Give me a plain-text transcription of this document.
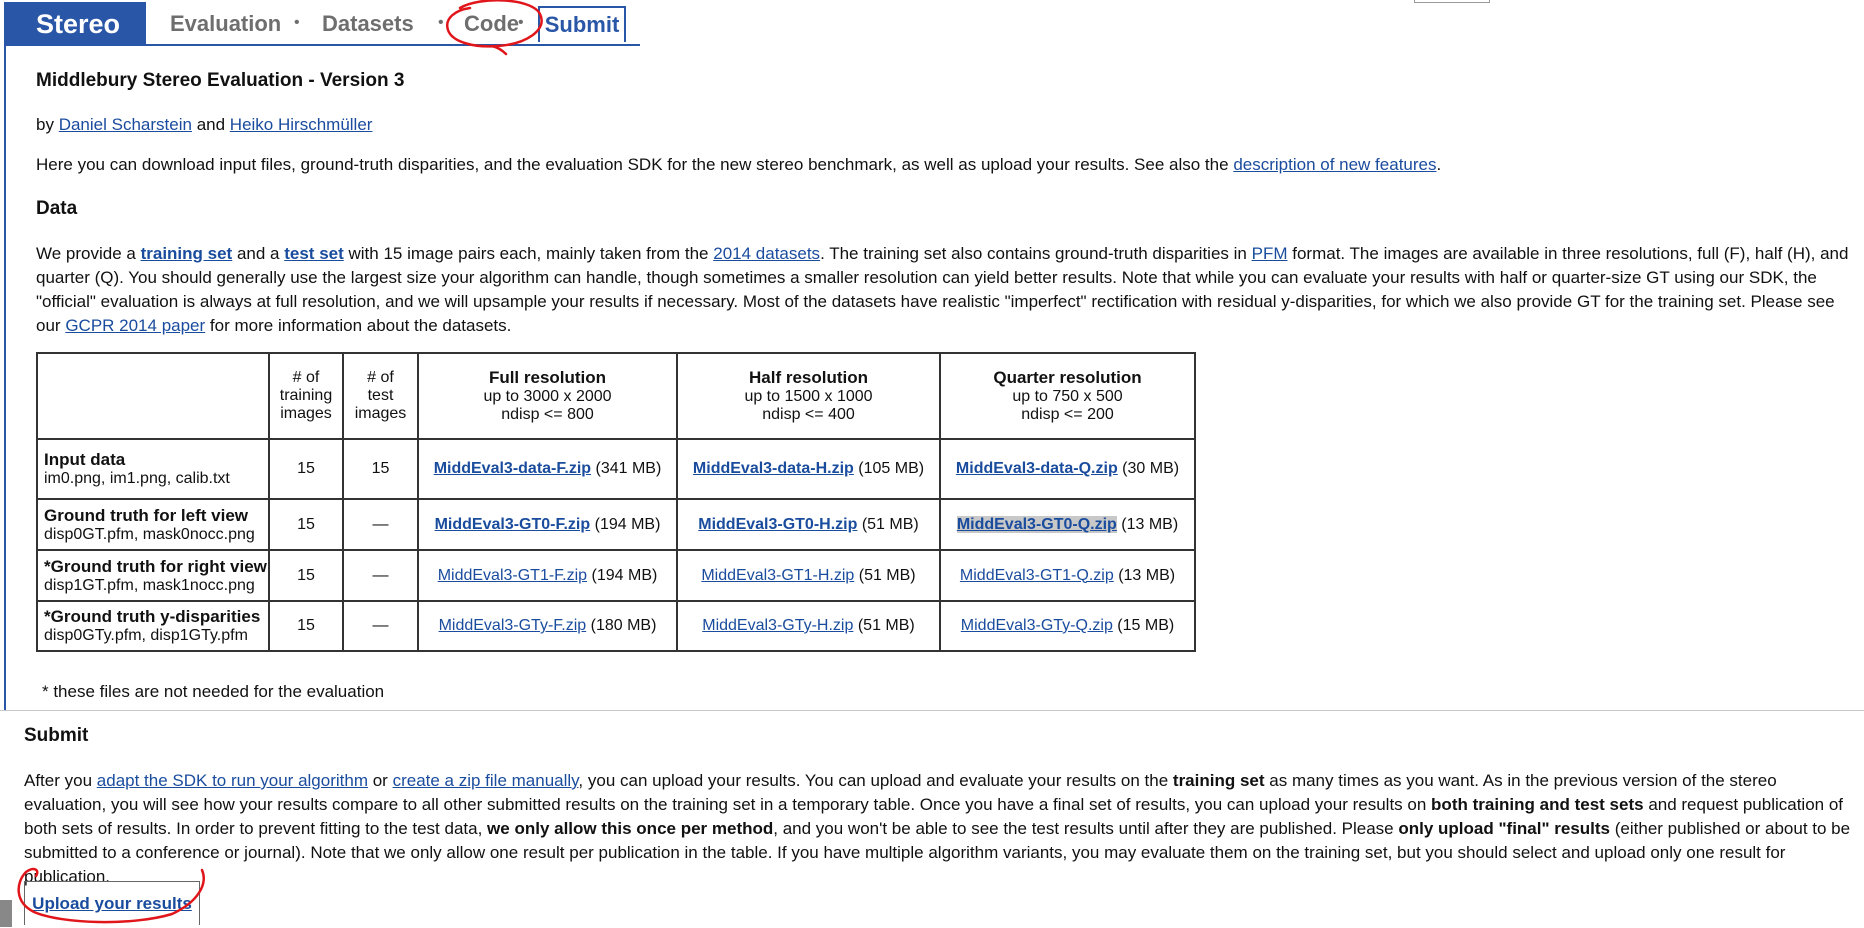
Stereo	Evaluation • Datasets • Code • Submit
Middlebury Stereo Evaluation - Version 3
by Daniel Scharstein and Heiko Hirschmüller
Here you can download input files, ground-truth disparities, and the evaluation SDK for the new stereo benchmark, as well as upload your results. See also the description of new features.
Data
We provide a training set and a test set with 15 image pairs each, mainly taken from the 2014 datasets. The training set also contains ground-truth disparities in PFM format. The images are available in three resolutions, full (F), half (H), and quarter (Q). You should generally use the largest size your algorithm can handle, though sometimes a smaller resolution can yield better results. Note that while you can evaluate your results with half or quarter-size GT using our SDK, the "official" evaluation is always at full resolution, and we will upsample your results if necessary. Most of the datasets have realistic "imperfect" rectification with residual y-disparities, for which we also provide GT for the training set. Please see our GCPR 2014 paper for more information about the datasets.
	# of
training
images	# of
test
images	Full resolution
up to 3000 x 2000
ndisp <= 800	Half resolution
up to 1500 x 1000
ndisp <= 400	Quarter resolution
up to 750 x 500
ndisp <= 200
Input data
im0.png, im1.png, calib.txt	15	15	MiddEval3-data-F.zip (341 MB)	MiddEval3-data-H.zip (105 MB)	MiddEval3-data-Q.zip (30 MB)
Ground truth for left view
disp0GT.pfm, mask0nocc.png	15	—	MiddEval3-GT0-F.zip (194 MB)	MiddEval3-GT0-H.zip (51 MB)	MiddEval3-GT0-Q.zip (13 MB)
*Ground truth for right view
disp1GT.pfm, mask1nocc.png	15	—	MiddEval3-GT1-F.zip (194 MB)	MiddEval3-GT1-H.zip (51 MB)	MiddEval3-GT1-Q.zip (13 MB)
*Ground truth y-disparities
disp0GTy.pfm, disp1GTy.pfm	15	—	MiddEval3-GTy-F.zip (180 MB)	MiddEval3-GTy-H.zip (51 MB)	MiddEval3-GTy-Q.zip (15 MB)
* these files are not needed for the evaluation
Submit
After you adapt the SDK to run your algorithm or create a zip file manually, you can upload your results. You can upload and evaluate your results on the training set as many times as you want. As in the previous version of the stereo evaluation, you will see how your results compare to all other submitted results on the training set in a temporary table. Once you have a final set of results, you can upload your results on both training and test sets and request publication of both sets of results. In order to prevent fitting to the test data, we only allow this once per method, and you won't be able to see the test results until after they are published. Please only upload "final" results (either published or about to be submitted to a conference or journal). Note that we only allow one result per publication in the table. If you have multiple algorithm variants, you may evaluate them on the training set, but you should select and upload only one result for publication.
Upload your results
